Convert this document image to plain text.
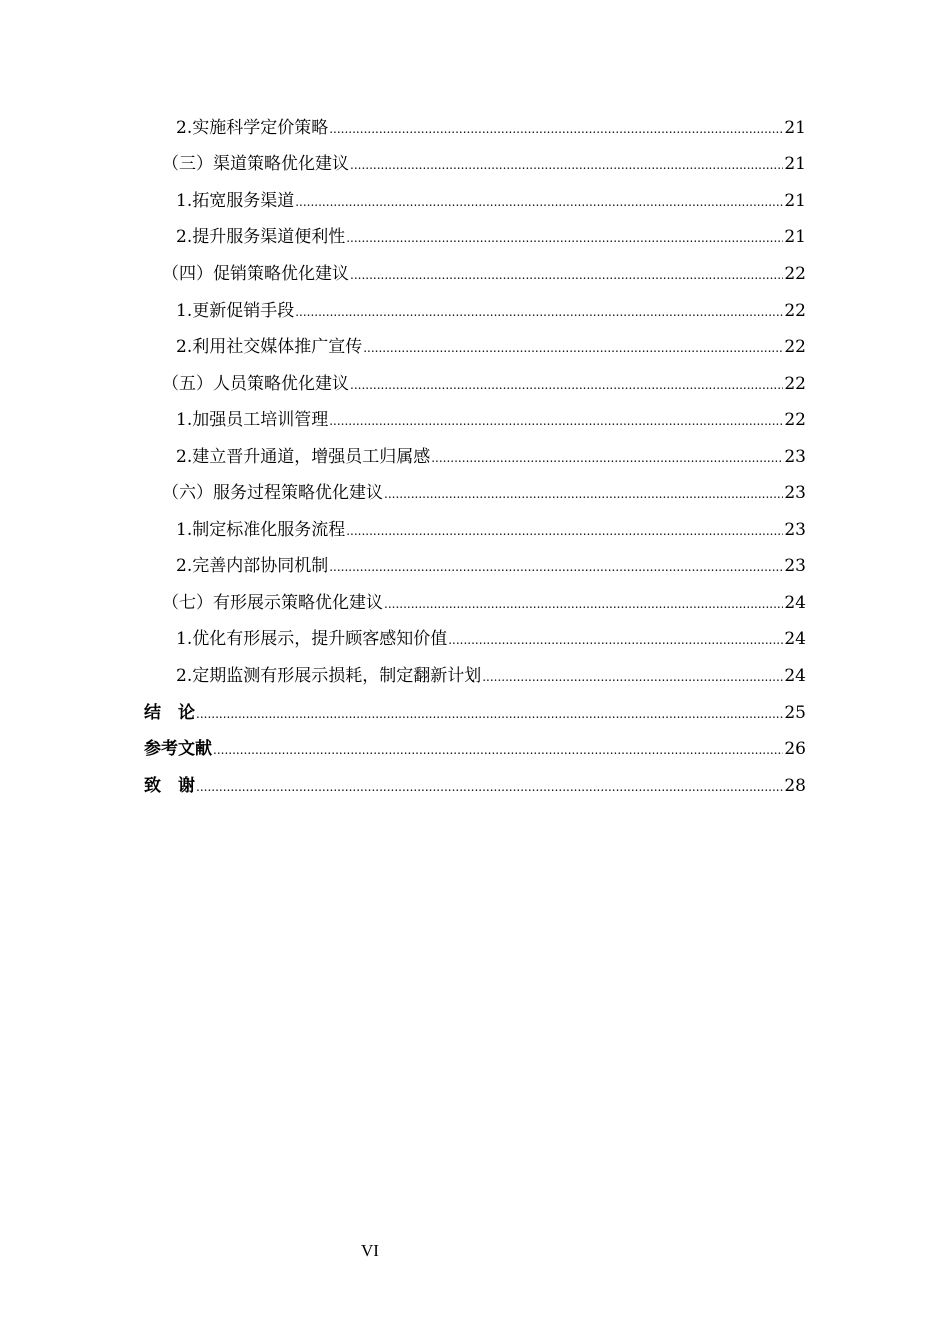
2.实施科学定价策略 .....	21
（三）渠道策略优化建议 .....	21
1.拓宽服务渠道 .....	21
2.提升服务渠道便利性 .....	21
（四）促销策略优化建议 .....	22
1.更新促销手段 .....	22
2.利用社交媒体推广宣传 .....	22
（五）人员策略优化建议 .....	22
1.加强员工培训管理 .....	22
2.建立晋升通道，增强员工归属感 .....	23
（六）服务过程策略优化建议 .....	23
1.制定标准化服务流程 .....	23
2.完善内部协同机制 .....	23
（七）有形展示策略优化建议 .....	24
1.优化有形展示，提升顾客感知价值 .....	24
2.定期监测有形展示损耗，制定翻新计划 .....	24
结　论 .....	25
参考文献 .....	26
致　谢 .....	28
VI
